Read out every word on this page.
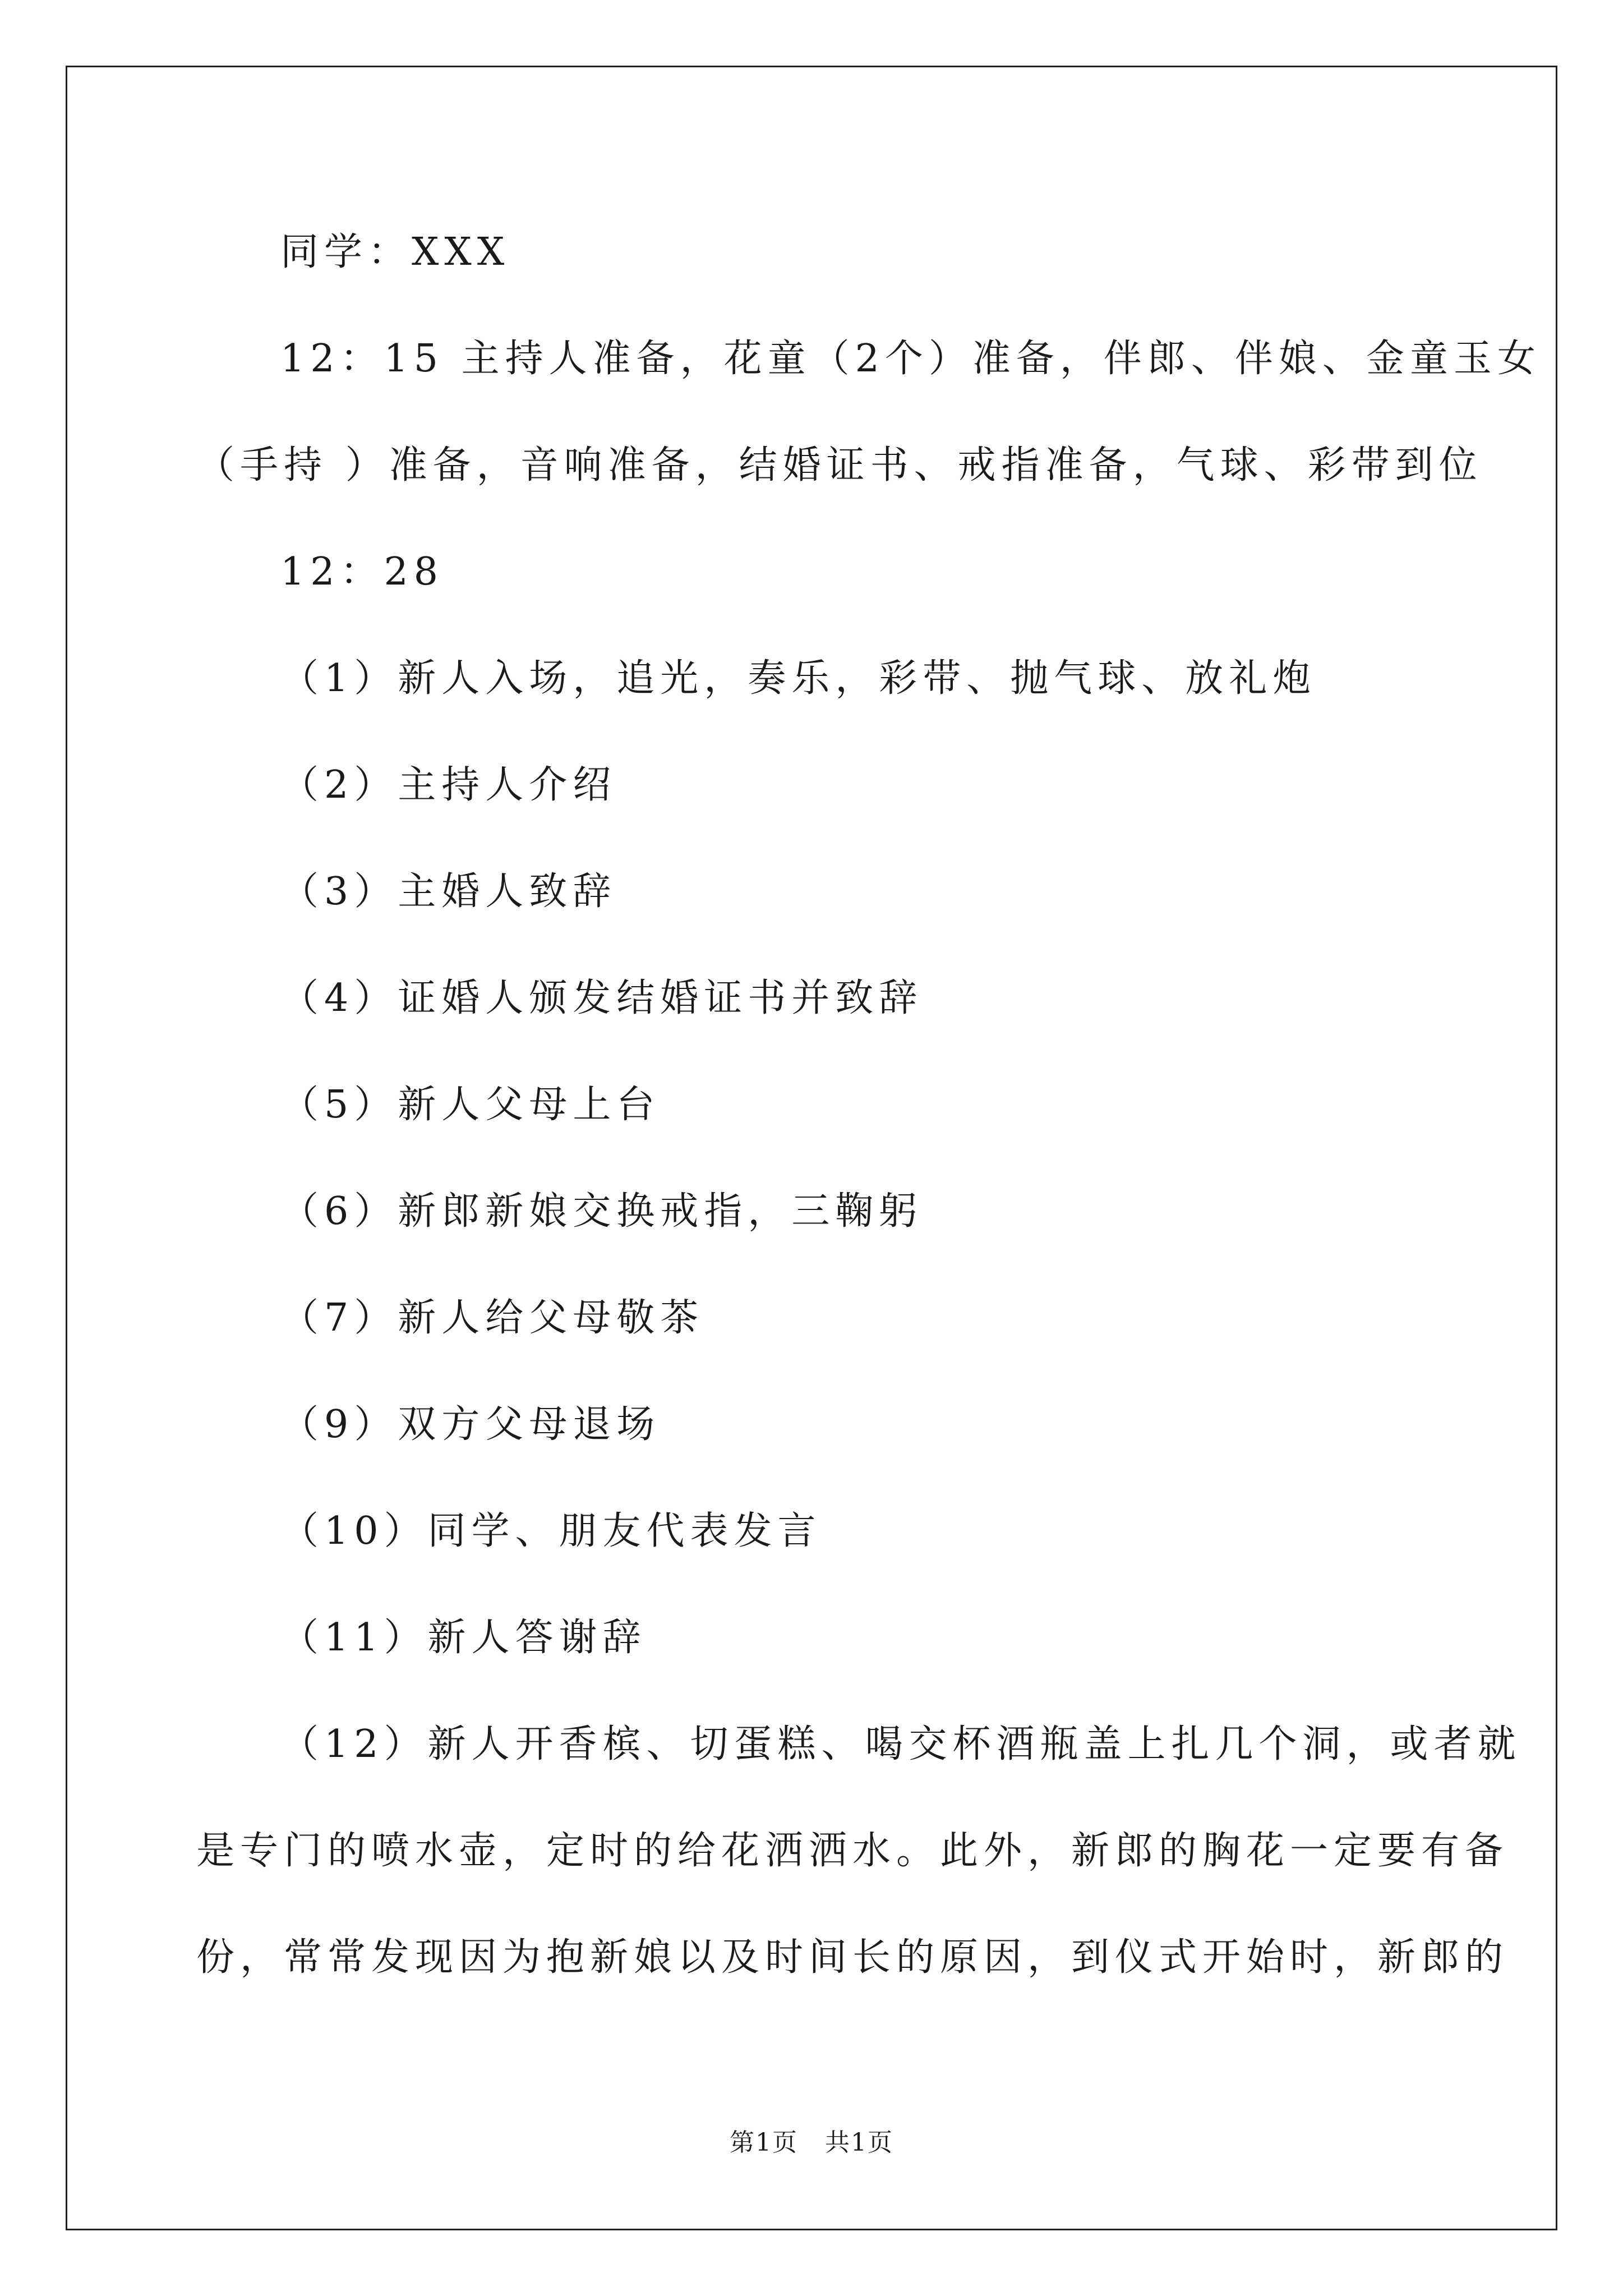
同学：XXX

12：15 主持人准备，花童（2个）准备，伴郎、伴娘、金童玉女

（手持 ）准备，音响准备，结婚证书、戒指准备，气球、彩带到位

12：28

（1）新人入场，追光，奏乐，彩带、抛气球、放礼炮

（2）主持人介绍

（3）主婚人致辞

（4）证婚人颁发结婚证书并致辞

（5）新人父母上台

（6）新郎新娘交换戒指，三鞠躬

（7）新人给父母敬茶

（9）双方父母退场

（10）同学、朋友代表发言

（11）新人答谢辞

（12）新人开香槟、切蛋糕、喝交杯酒瓶盖上扎几个洞，或者就

是专门的喷水壶，定时的给花洒洒水。此外，新郎的胸花一定要有备

份，常常发现因为抱新娘以及时间长的原因，到仪式开始时，新郎的

第1页   共1页
